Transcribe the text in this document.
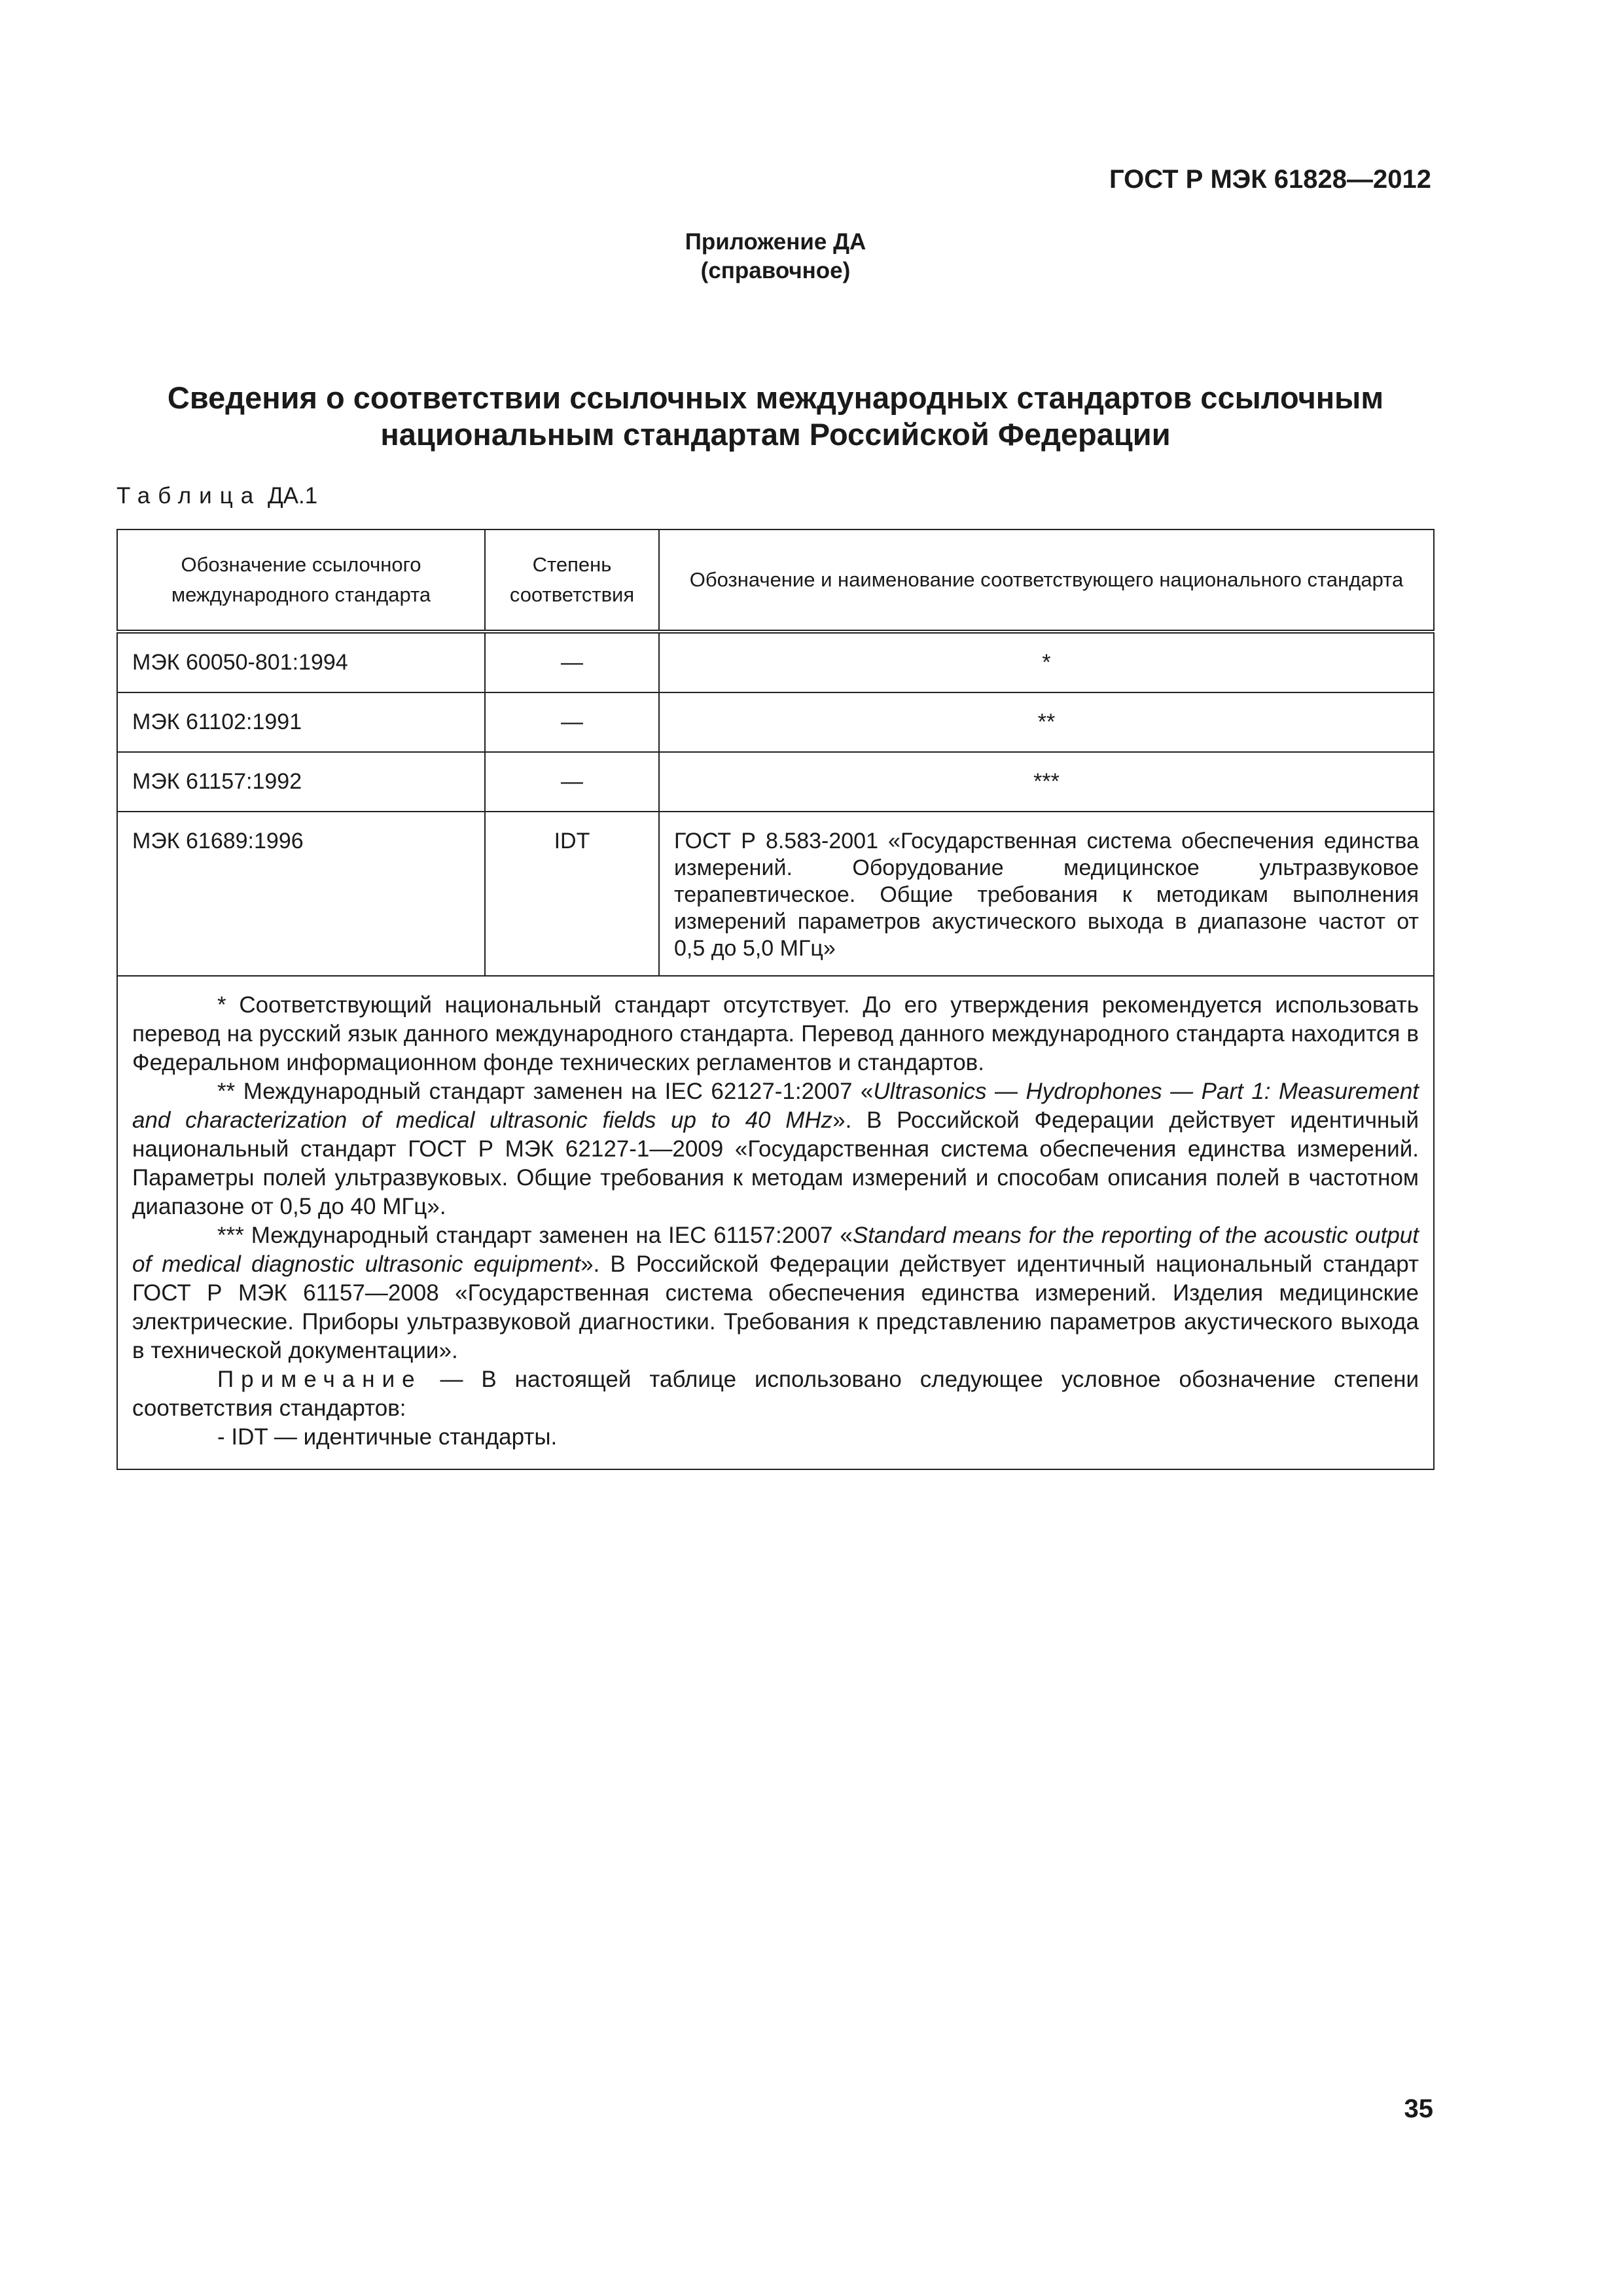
ГОСТ Р МЭК 61828—2012
Приложение ДА
(справочное)
Сведения о соответствии ссылочных международных стандартов ссылочным
национальным стандартам Российской Федерации
Таблица ДА.1
Обозначение ссылочного международного стандарта	Степень соответствия	Обозначение и наименование соответствующего национального стандарта
МЭК 60050-801:1994	—	*
МЭК 61102:1991	—	**
МЭК 61157:1992	—	***
МЭК 61689:1996	IDT	ГОСТ Р 8.583-2001 «Государственная система обеспечения единства измерений. Оборудование медицинское ультразвуковое терапевтическое. Общие требования к методикам выполнения измерений параметров акустического выхода в диапазоне частот от 0,5 до 5,0 МГц»

* Соответствующий национальный стандарт отсутствует. До его утверждения рекомендуется использовать перевод на русский язык данного международного стандарта. Перевод данного международного стандарта находится в Федеральном информационном фонде технических регламентов и стандартов.

** Международный стандарт заменен на IEC 62127-1:2007 «Ultrasonics — Hydrophones — Part 1: Measurement and characterization of medical ultrasonic fields up to 40 MHz». В Российской Федерации действует идентичный национальный стандарт ГОСТ Р МЭК 62127-1—2009 «Государственная система обеспечения единства измерений. Параметры полей ультразвуковых. Общие требования к методам измерений и способам описания полей в частотном диапазоне от 0,5 до 40 МГц».

*** Международный стандарт заменен на IEC 61157:2007 «Standard means for the reporting of the acoustic output of medical diagnostic ultrasonic equipment». В Российской Федерации действует идентичный национальный стандарт ГОСТ Р МЭК 61157—2008 «Государственная система обеспечения единства измерений. Изделия медицинские электрические. Приборы ультразвуковой диагностики. Требования к представлению параметров акустического выхода в технической документации».

Примечание — В настоящей таблице использовано следующее условное обозначение степени соответствия стандартов:

- IDT — идентичные стандарты.		

35
